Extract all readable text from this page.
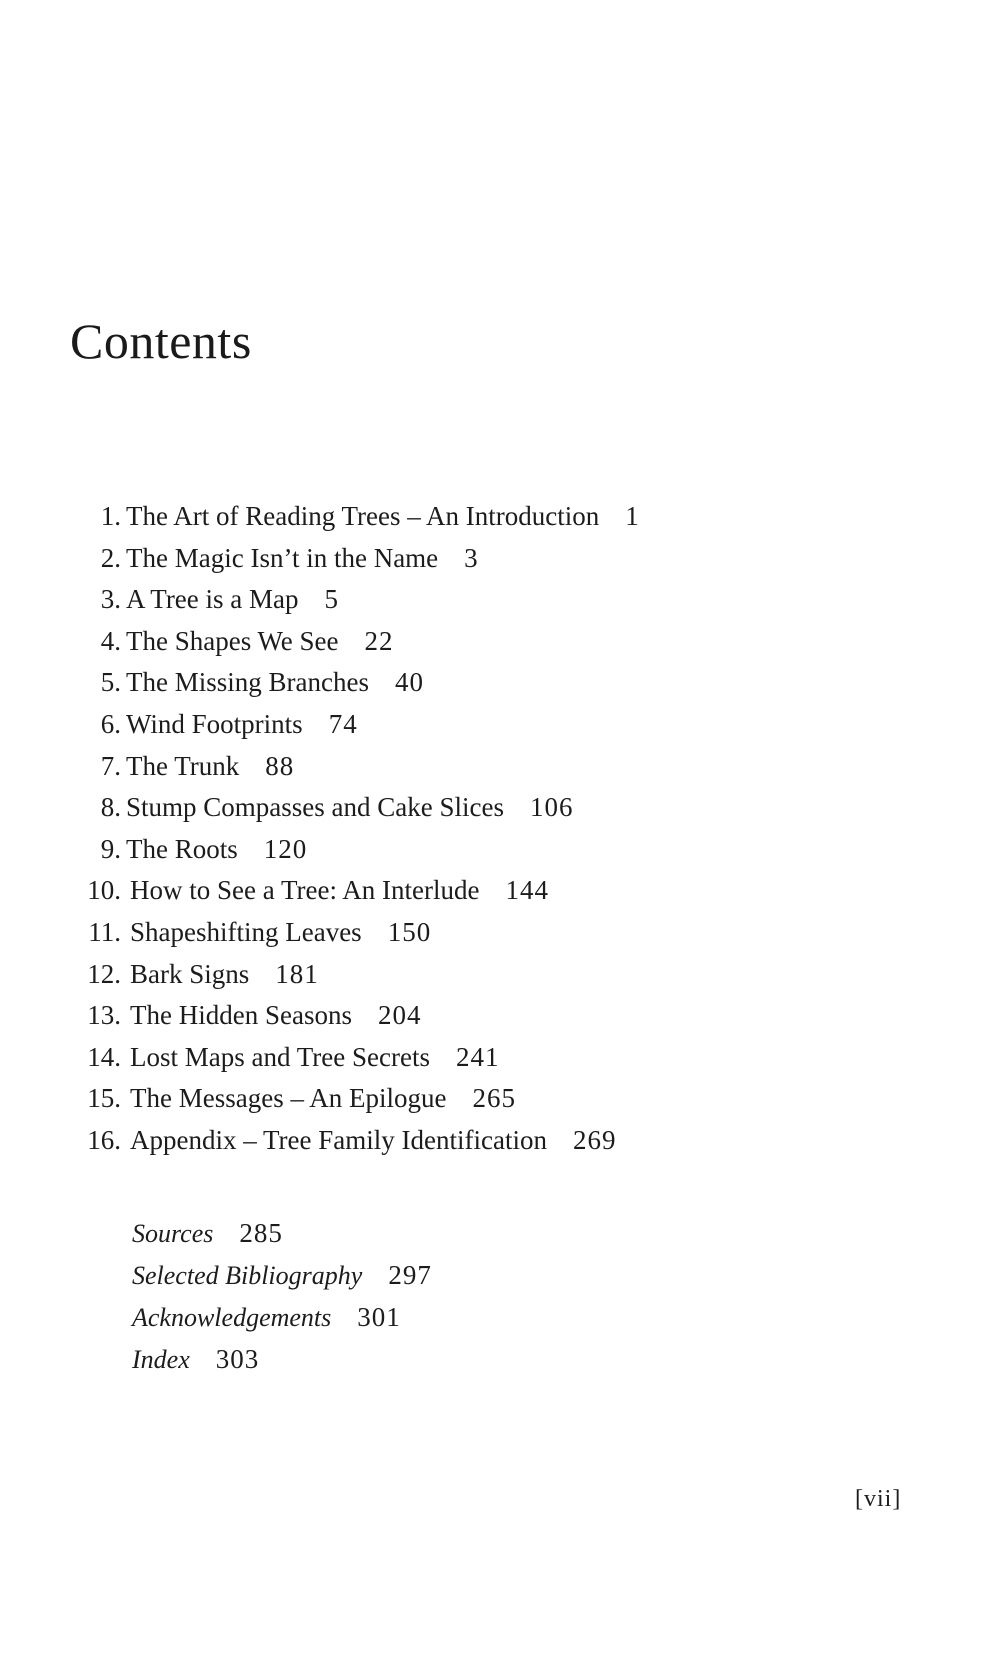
Contents
1. The Art of Reading Trees – An Introduction 1
2. The Magic Isn’t in the Name 3
3. A Tree is a Map 5
4. The Shapes We See 22
5. The Missing Branches 40
6. Wind Footprints 74
7. The Trunk 88
8. Stump Compasses and Cake Slices 106
9. The Roots 120
10. How to See a Tree: An Interlude 144
11. Shapeshifting Leaves 150
12. Bark Signs 181
13. The Hidden Seasons 204
14. Lost Maps and Tree Secrets 241
15. The Messages – An Epilogue 265
16. Appendix – Tree Family Identification 269
Sources 285
Selected Bibliography 297
Acknowledgements 301
Index 303
[vii]
